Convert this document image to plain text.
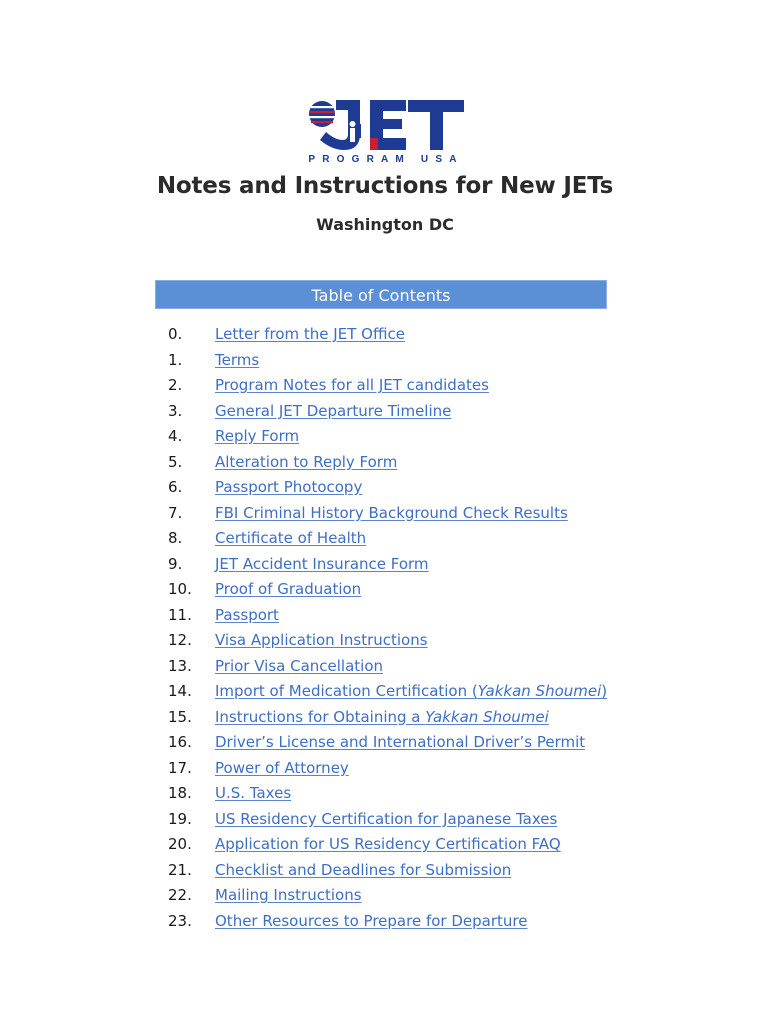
PROGRAM USA
Notes and Instructions for New JETs
Washington DC
Table of Contents
0.	Letter from the JET Office
1.	Terms
2.	Program Notes for all JET candidates
3.	General JET Departure Timeline
4.	Reply Form
5.	Alteration to Reply Form
6.	Passport Photocopy
7.	FBI Criminal History Background Check Results
8.	Certificate of Health
9.	JET Accident Insurance Form
10.	Proof of Graduation
11.	Passport
12.	Visa Application Instructions
13.	Prior Visa Cancellation
14.	Import of Medication Certification (Yakkan Shoumei)
15.	Instructions for Obtaining a Yakkan Shoumei
16.	Driver’s License and International Driver’s Permit
17.	Power of Attorney
18.	U.S. Taxes
19.	US Residency Certification for Japanese Taxes
20.	Application for US Residency Certification FAQ
21.	Checklist and Deadlines for Submission
22.	Mailing Instructions
23.	Other Resources to Prepare for Departure
